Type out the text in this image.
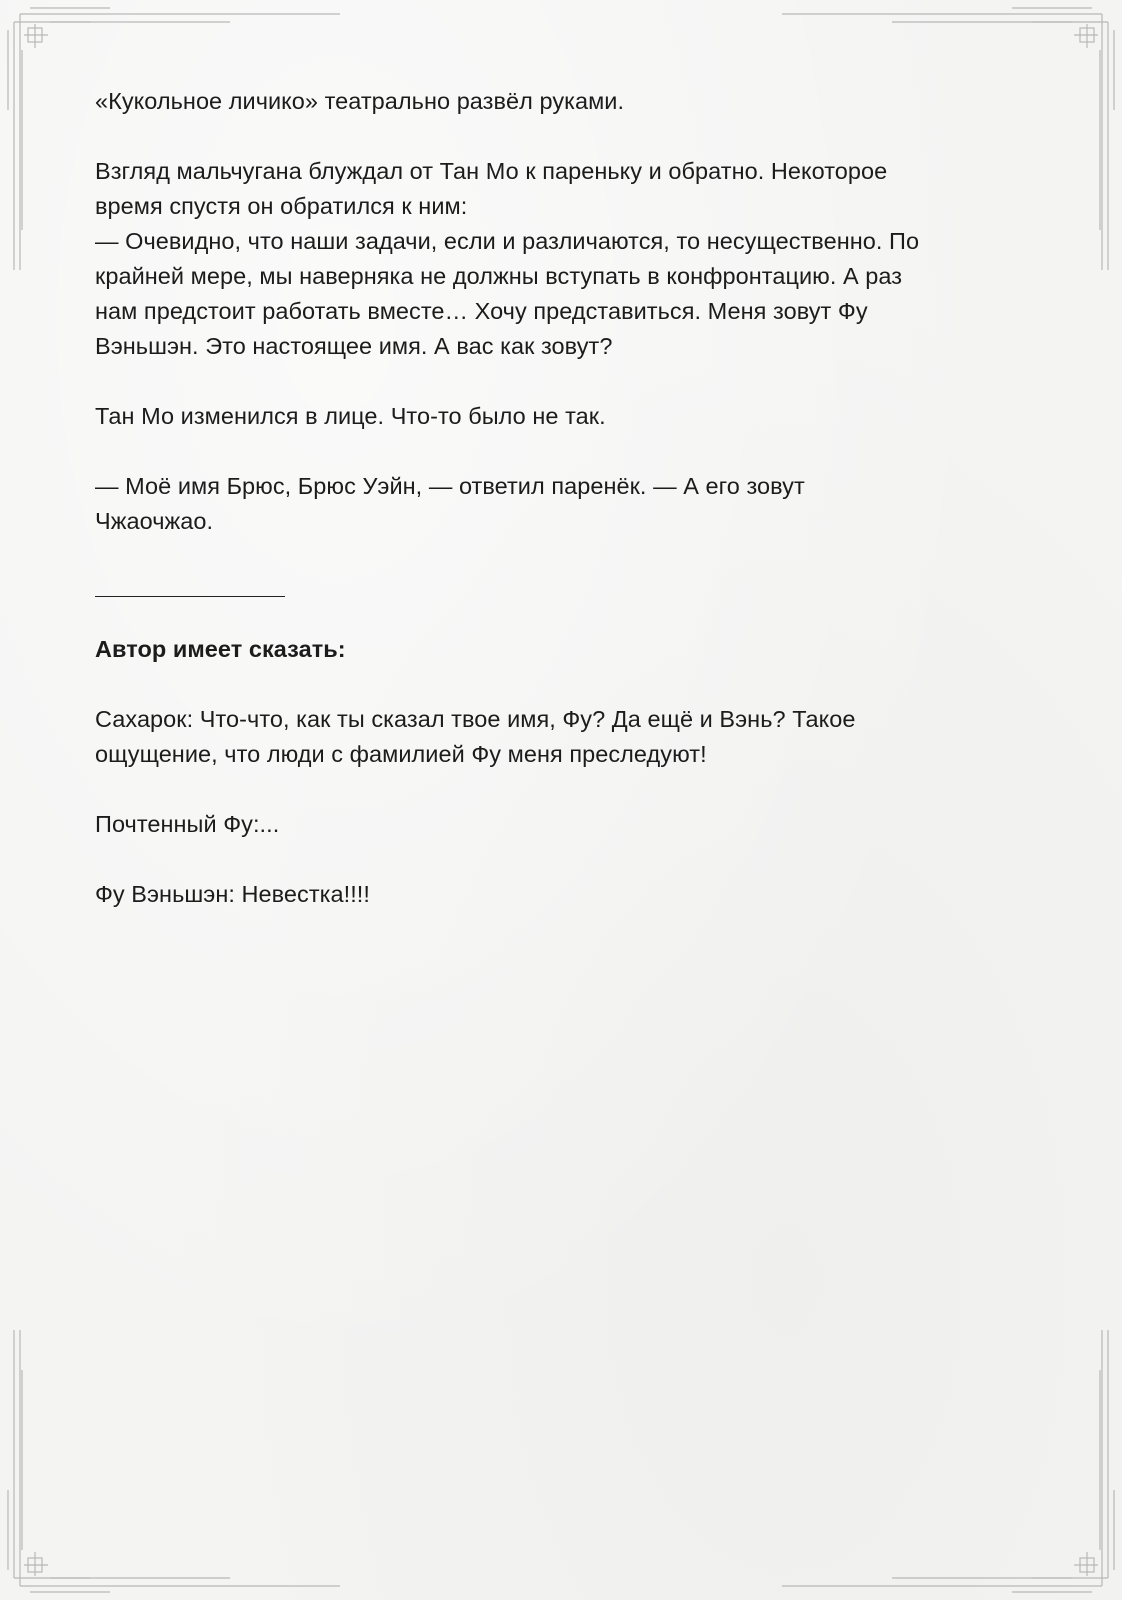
«Кукольное личико» театрально развёл руками.
Взгляд мальчугана блуждал от Тан Мо к пареньку и обратно. Некоторое
время спустя он обратился к ним:
— Очевидно, что наши задачи, если и различаются, то несущественно. По
крайней мере, мы наверняка не должны вступать в конфронтацию. А раз
нам предстоит работать вместе… Хочу представиться. Меня зовут Фу
Вэньшэн. Это настоящее имя. А вас как зовут?
Тан Мо изменился в лице. Что-то было не так.
— Моё имя Брюс, Брюс Уэйн, — ответил паренёк. — А его зовут
Чжаочжао.
Автор имеет сказать:
Сахарок: Что-что, как ты сказал твое имя, Фу? Да ещё и Вэнь? Такое
ощущение, что люди с фамилией Фу меня преследуют!
Почтенный Фу:...
Фу Вэньшэн: Невестка!!!!
